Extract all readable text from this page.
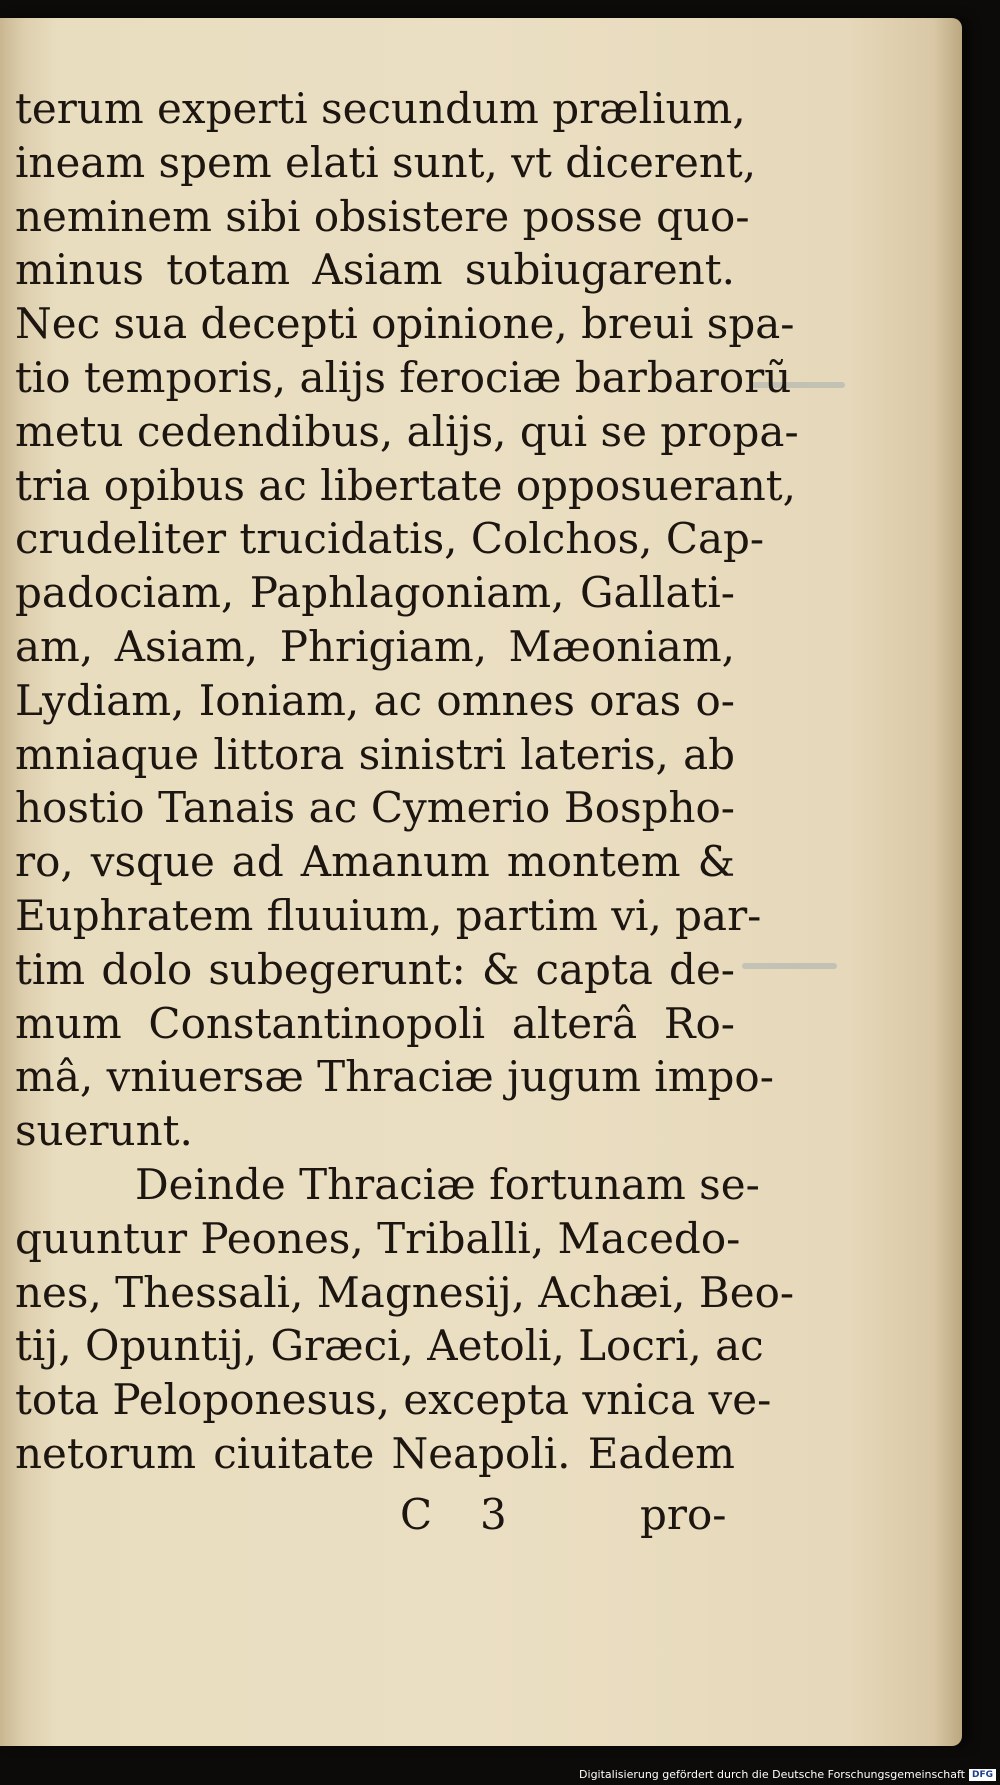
terum experti secundum prælium,
ineam spem elati sunt, vt dicerent,
neminem sibi obsistere posse quo-
minus totam Asiam subiugarent.
Nec sua decepti opinione, breui spa-
tio temporis, alijs ferociæ barbarorũ
metu cedendibus, alijs, qui se propa-
tria opibus ac libertate opposuerant,
crudeliter trucidatis, Colchos, Cap-
padociam, Paphlagoniam, Gallati-
am, Asiam, Phrigiam, Mæoniam,
Lydiam, Ioniam, ac omnes oras o-
mniaque littora sinistri lateris, ab
hostio Tanais ac Cymerio Bospho-
ro, vsque ad Amanum montem &
Euphratem fluuium, partim vi, par-
tim dolo subegerunt: & capta de-
mum Constantinopoli alterâ Ro-
mâ, vniuersæ Thraciæ jugum impo-
suerunt.
Deinde Thraciæ fortunam se-
quuntur Peones, Triballi, Macedo-
nes, Thessali, Magnesij, Achæi, Beo-
tij, Opuntij, Græci, Aetoli, Locri, ac
tota Peloponesus, excepta vnica ve-
netorum ciuitate Neapoli. Eadem
C 3	pro-
Digitalisierung gefördert durch die Deutsche Forschungsgemeinschaft DFG
